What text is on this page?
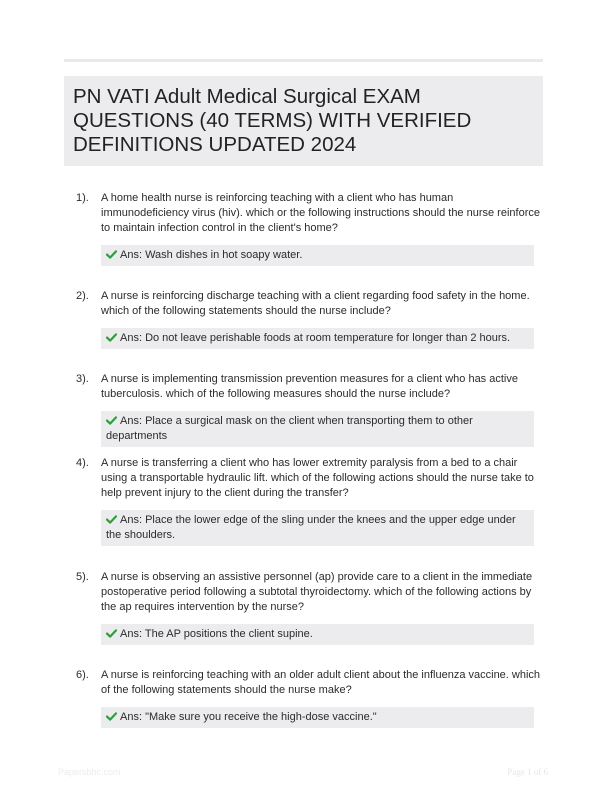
PN VATI Adult Medical Surgical EXAM QUESTIONS (40 TERMS) WITH VERIFIED DEFINITIONS UPDATED 2024
1).	A home health nurse is reinforcing teaching with a client who has human immunodeficiency virus (hiv). which or the following instructions should the nurse reinforce to maintain infection control in the client's home?
Ans: Wash dishes in hot soapy water.
2).	A nurse is reinforcing discharge teaching with a client regarding food safety in the home. which of the following statements should the nurse include?
Ans: Do not leave perishable foods at room temperature for longer than 2 hours.
3).	A nurse is implementing transmission prevention measures for a client who has active tuberculosis. which of the following measures should the nurse include?
Ans: Place a surgical mask on the client when transporting them to other departments
4).	A nurse is transferring a client who has lower extremity paralysis from a bed to a chair using a transportable hydraulic lift. which of the following actions should the nurse take to help prevent injury to the client during the transfer?
Ans: Place the lower edge of the sling under the knees and the upper edge under the shoulders.
5).	A nurse is observing an assistive personnel (ap) provide care to a client in the immediate postoperative period following a subtotal thyroidectomy. which of the following actions by the ap requires intervention by the nurse?
Ans: The AP positions the client supine.
6).	A nurse is reinforcing teaching with an older adult client about the influenza vaccine. which of the following statements should the nurse make?
Ans: "Make sure you receive the high-dose vaccine."
Papersbbc.com	Page 1 of 6
